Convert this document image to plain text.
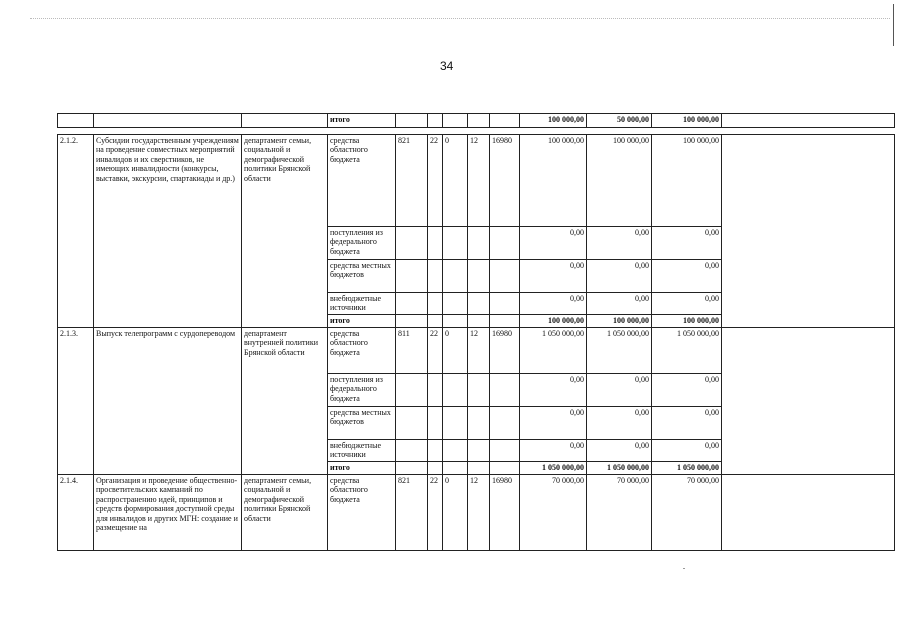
34
			итого						100 000,00	50 000,00	100 000,00	

2.1.2.	Субсидии государственным учреждениям на проведение совместных мероприятий инвалидов и их сверстников, не имеющих инвалидности (конкурсы, выставки, экскурсии, спартакиады и др.)	департамент семьи, социальной и демографической политики Брянской области	средства областного бюджета	821	22	0	12	16980	100 000,00	100 000,00	100 000,00	
			поступления из федерального бюджета						0,00	0,00	0,00	
			средства местных бюджетов						0,00	0,00	0,00	
			внебюджетные источники						0,00	0,00	0,00	
			итого						100 000,00	100 000,00	100 000,00	
2.1.3.	Выпуск телепрограмм с сурдопереводом	департамент внутренней политики Брянской области	средства областного бюджета	811	22	0	12	16980	1 050 000,00	1 050 000,00	1 050 000,00	
			поступления из федерального бюджета						0,00	0,00	0,00	
			средства местных бюджетов						0,00	0,00	0,00	
			внебюджетные источники						0,00	0,00	0,00	
			итого						1 050 000,00	1 050 000,00	1 050 000,00	
2.1.4.	Организация и проведение общественно-просветительских кампаний по распространению идей, принципов и средств формирования доступной среды для инвалидов и других МГН: создание и размещение на	департамент семьи, социальной и демографической политики Брянской области	средства областного бюджета	821	22	0	12	16980	70 000,00	70 000,00	70 000,00	
